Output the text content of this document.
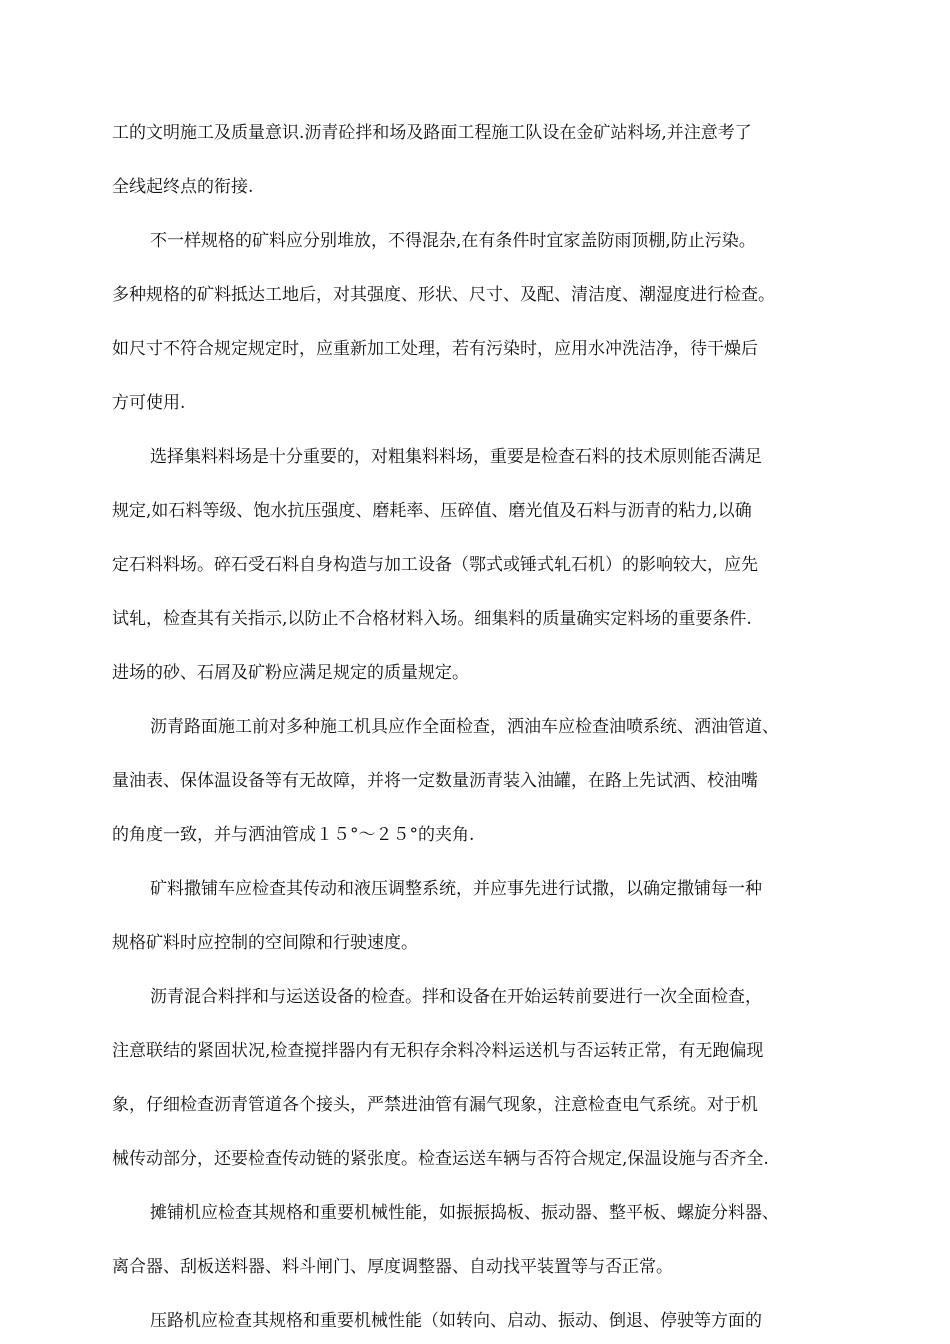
工的文明施工及质量意识.沥青砼拌和场及路面工程施工队设在金矿站料场,并注意考了
全线起终点的衔接.
不一样规格的矿料应分别堆放，不得混杂,在有条件时宜家盖防雨顶棚,防止污染。
多种规格的矿料抵达工地后，对其强度、形状、尺寸、及配、清洁度、潮湿度进行检查。
如尺寸不符合规定规定时，应重新加工处理，若有污染时，应用水冲洗洁净，待干燥后
方可使用.
选择集料料场是十分重要的，对粗集料料场，重要是检查石料的技术原则能否满足
规定,如石料等级、饱水抗压强度、磨耗率、压碎值、磨光值及石料与沥青的粘力,以确
定石料料场。碎石受石料自身构造与加工设备（鄂式或锤式轧石机）的影响较大，应先
试轧，检查其有关指示,以防止不合格材料入场。细集料的质量确实定料场的重要条件.
进场的砂、石屑及矿粉应满足规定的质量规定。
沥青路面施工前对多种施工机具应作全面检查，洒油车应检查油喷系统、洒油管道、
量油表、保体温设备等有无故障，并将一定数量沥青装入油罐，在路上先试洒、校油嘴
的角度一致，并与洒油管成１５°～２５°的夹角.
矿料撒铺车应检查其传动和液压调整系统，并应事先进行试撒，以确定撒铺每一种
规格矿料时应控制的空间隙和行驶速度。
沥青混合料拌和与运送设备的检查。拌和设备在开始运转前要进行一次全面检查，
注意联结的紧固状况,检查搅拌器内有无积存余料冷料运送机与否运转正常，有无跑偏现
象，仔细检查沥青管道各个接头，严禁进油管有漏气现象，注意检查电气系统。对于机
械传动部分，还要检查传动链的紧张度。检查运送车辆与否符合规定,保温设施与否齐全.
摊铺机应检查其规格和重要机械性能，如振振捣板、振动器、整平板、螺旋分料器、
离合器、刮板送料器、料斗闸门、厚度调整器、自动找平装置等与否正常。
压路机应检查其规格和重要机械性能（如转向、启动、振动、倒退、停驶等方面的
